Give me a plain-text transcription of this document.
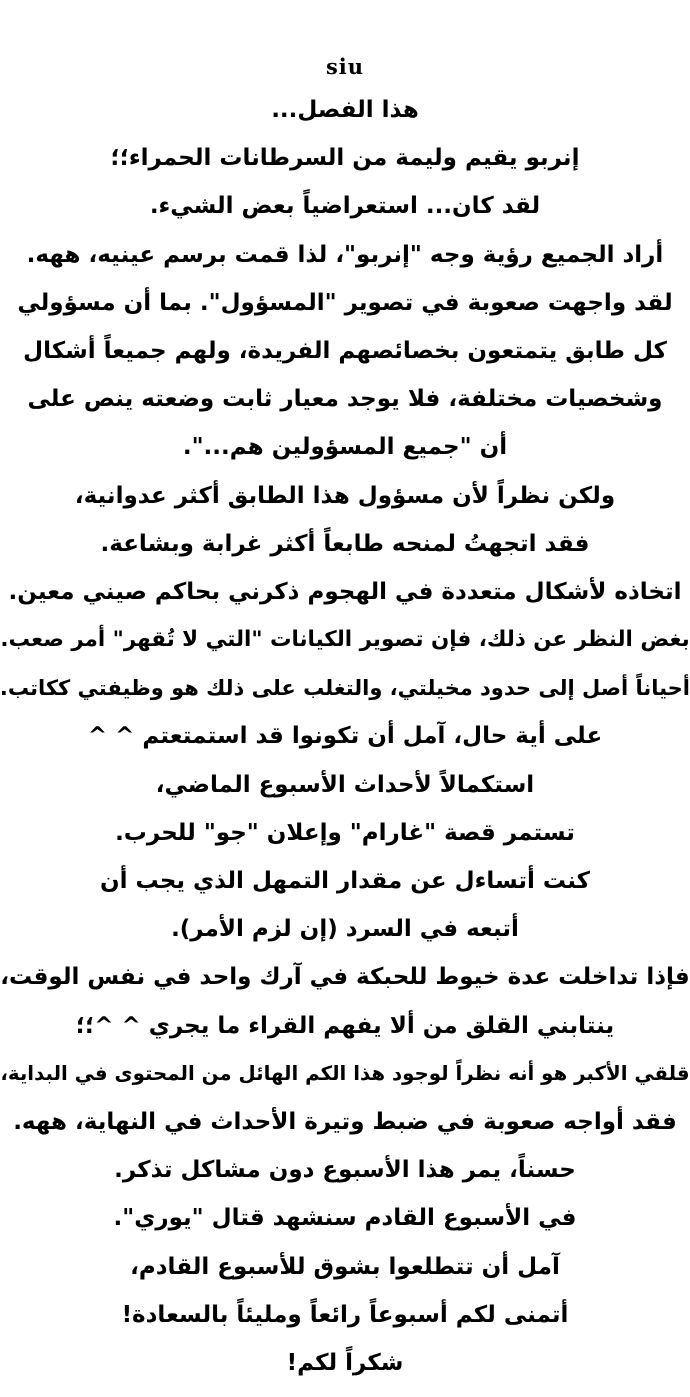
siu
هذا الفصل...
إنربو يقيم وليمة من السرطانات الحمراء؛؛
لقد كان... استعراضياً بعض الشيء.
أراد الجميع رؤية وجه "إنربو"، لذا قمت برسم عينيه، ههه.
لقد واجهت صعوبة في تصوير "المسؤول". بما أن مسؤولي
كل طابق يتمتعون بخصائصهم الفريدة، ولهم جميعاً أشكال
وشخصيات مختلفة، فلا يوجد معيار ثابت وضعته ينص على
أن "جميع المسؤولين هم...".
ولكن نظراً لأن مسؤول هذا الطابق أكثر عدوانية،
فقد اتجهتُ لمنحه طابعاً أكثر غرابة وبشاعة.
اتخاذه لأشكال متعددة في الهجوم ذكرني بحاكم صيني معين.
بغض النظر عن ذلك، فإن تصوير الكيانات "التي لا تُقهر" أمر صعب.
أحياناً أصل إلى حدود مخيلتي، والتغلب على ذلك هو وظيفتي ككاتب.
على أية حال، آمل أن تكونوا قد استمتعتم ^ ^
استكمالاً لأحداث الأسبوع الماضي،
تستمر قصة "غارام" وإعلان "جو" للحرب.
كنت أتساءل عن مقدار التمهل الذي يجب أن
أتبعه في السرد (إن لزم الأمر).
فإذا تداخلت عدة خيوط للحبكة في آرك واحد في نفس الوقت،
ينتابني القلق من ألا يفهم القراء ما يجري ^ ^؛؛
قلقي الأكبر هو أنه نظراً لوجود هذا الكم الهائل من المحتوى في البداية،
فقد أواجه صعوبة في ضبط وتيرة الأحداث في النهاية، ههه.
حسناً، يمر هذا الأسبوع دون مشاكل تذكر.
في الأسبوع القادم سنشهد قتال "يوري".
آمل أن تتطلعوا بشوق للأسبوع القادم،
أتمنى لكم أسبوعاً رائعاً ومليئاً بالسعادة!
شكراً لكم!
